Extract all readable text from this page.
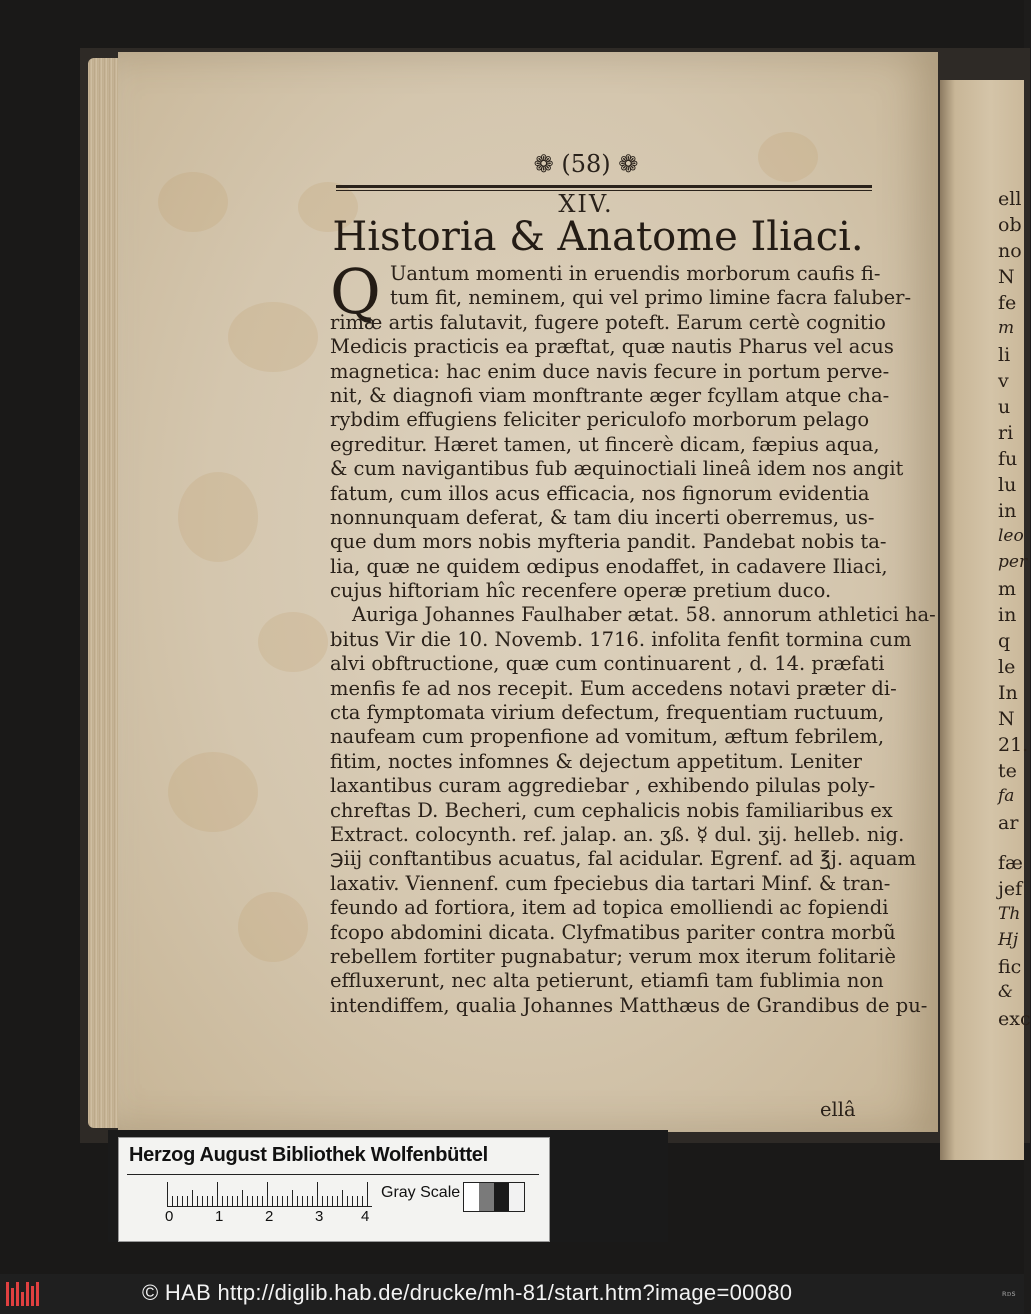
ell
ob
no
N
fe
m
li
v
u
ri
fu
lu
in
leo
per
m
in
q
le
In
N
21.
te
fa
ar
fæ
jef
Th
Hj
fic
&
exc
❁ (58) ❁
XIV.
Historia & Anatome Iliaci.
Q Uantum momenti in eruendis morborum caufis fi-
tum fit, neminem, qui vel primo limine facra faluber-
rimæ artis falutavit, fugere poteft. Earum certè cognitio
Medicis practicis ea præftat, quæ nautis Pharus vel acus
magnetica: hac enim duce navis fecure in portum perve-
nit, & diagnofi viam monftrante æger fcyllam atque cha-
rybdim effugiens feliciter periculofo morborum pelago
egreditur. Hæret tamen, ut fincerè dicam, fæpius aqua,
& cum navigantibus fub æquinoctiali lineâ idem nos angit
fatum, cum illos acus efficacia, nos fignorum evidentia
nonnunquam deferat, & tam diu incerti oberremus, us-
que dum mors nobis myfteria pandit. Pandebat nobis ta-
lia, quæ ne quidem œdipus enodaffet, in cadavere Iliaci,
cujus hiftoriam hîc recenfere operæ pretium duco.
Auriga Johannes Faulhaber ætat. 58. annorum athletici ha-
bitus Vir die 10. Novemb. 1716. infolita fenfit tormina cum
alvi obftructione, quæ cum continuarent , d. 14. præfati
menfis fe ad nos recepit. Eum accedens notavi præter di-
cta fymptomata virium defectum, frequentiam ructuum,
naufeam cum propenfione ad vomitum, æftum febrilem,
fitim, noctes infomnes & dejectum appetitum. Leniter
laxantibus curam aggrediebar , exhibendo pilulas poly-
chreftas D. Becheri, cum cephalicis nobis familiaribus ex
Extract. colocynth. ref. jalap. an. ʒß. ☿ dul. ʒij. helleb. nig.
℈iij conftantibus acuatus, fal acidular. Egrenf. ad ℥j. aquam
laxativ. Viennenf. cum fpeciebus dia tartari Minf. & tran-
feundo ad fortiora, item ad topica emolliendi ac fopiendi
fcopo abdomini dicata. Clyfmatibus pariter contra morbũ
rebellem fortiter pugnabatur; verum mox iterum folitariè
effluxerunt, nec alta petierunt, etiamfi tam fublimia non
intendiffem, qualia Johannes Matthæus de Grandibus de pu-
ellâ
Herzog August Bibliothek Wolfenbüttel
0	1	2	3	4
Gray Scale
© HAB http://diglib.hab.de/drucke/mh-81/start.htm?image=00080	ʀᴅs
